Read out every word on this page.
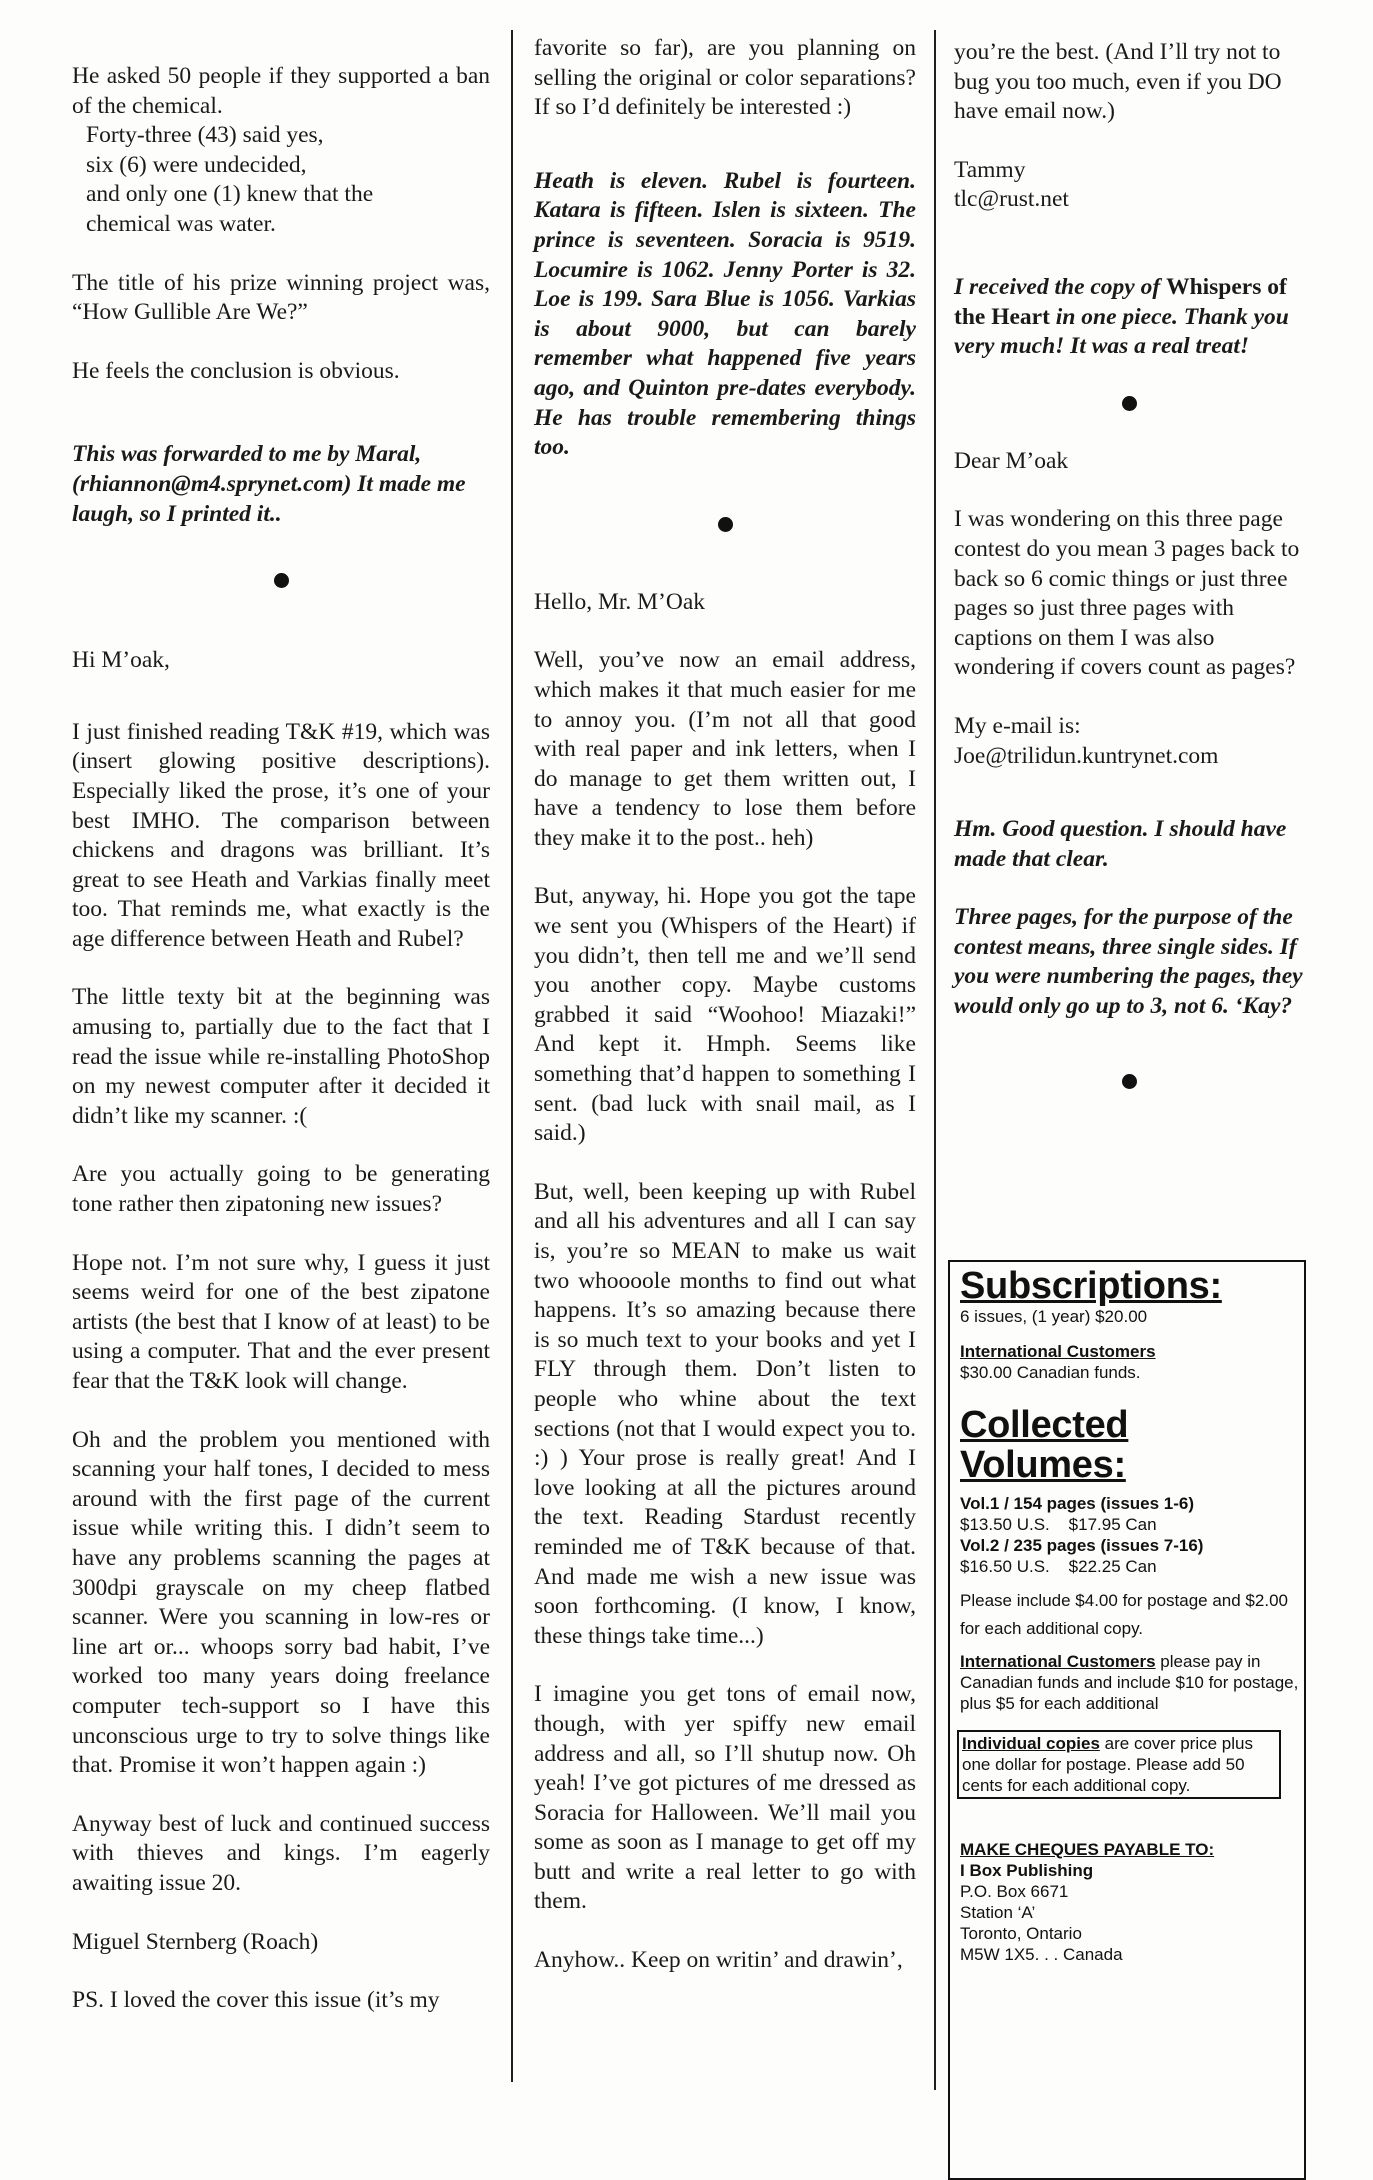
He asked 50 people if they supported a ban of the chemical.

Forty-three (43) said yes,
six (6) were undecided,
and only one (1) knew that the
chemical was water.

The title of his prize winning project was, “How Gullible Are We?”

He feels the conclusion is obvious.

This was forwarded to me by Maral, (rhiannon@m4.sprynet.com) It made me laugh, so I printed it..

Hi M’oak,

I just finished reading T&K #19, which was (insert glowing positive descriptions). Especially liked the prose, it’s one of your best IMHO. The comparison between chickens and dragons was brilliant. It’s great to see Heath and Varkias finally meet too. That reminds me, what exactly is the age difference between Heath and Rubel?

The little texty bit at the beginning was amusing to, partially due to the fact that I read the issue while re-installing PhotoShop on my newest computer after it decided it didn’t like my scanner. :(

Are you actually going to be generating tone rather then zipatoning new issues?

Hope not. I’m not sure why, I guess it just seems weird for one of the best zipatone artists (the best that I know of at least) to be using a computer. That and the ever present fear that the T&K look will change.

Oh and the problem you mentioned with scanning your half tones, I decided to mess around with the first page of the current issue while writing this. I didn’t seem to have any problems scanning the pages at 300dpi grayscale on my cheep flatbed scanner. Were you scanning in low-res or line art or... whoops sorry bad habit, I’ve worked too many years doing freelance computer tech-support so I have this unconscious urge to try to solve things like that. Promise it won’t happen again :)

Anyway best of luck and continued success with thieves and kings. I’m eagerly awaiting issue 20.

Miguel Sternberg (Roach)

PS. I loved the cover this issue (it’s my

favorite so far), are you planning on selling the original or color separations? If so I’d definitely be interested :)

Heath is eleven. Rubel is fourteen. Katara is fifteen. Islen is sixteen. The prince is seventeen. Soracia is 9519. Locumire is 1062. Jenny Porter is 32. Loe is 199. Sara Blue is 1056. Varkias is about 9000, but can barely remember what happened five years ago, and Quinton pre-dates everybody. He has trouble remembering things too.

Hello, Mr. M’Oak

Well, you’ve now an email address, which makes it that much easier for me to annoy you. (I’m not all that good with real paper and ink letters, when I do manage to get them written out, I have a tendency to lose them before they make it to the post.. heh)

But, anyway, hi. Hope you got the tape we sent you (Whispers of the Heart) if you didn’t, then tell me and we’ll send you another copy. Maybe customs grabbed it said “Woohoo! Miazaki!” And kept it. Hmph. Seems like something that’d happen to something I sent. (bad luck with snail mail, as I said.)

But, well, been keeping up with Rubel and all his adventures and all I can say is, you’re so MEAN to make us wait two whoooole months to find out what happens. It’s so amazing because there is so much text to your books and yet I FLY through them. Don’t listen to people who whine about the text sections (not that I would expect you to. :) ) Your prose is really great! And I love looking at all the pictures around the text. Reading Stardust recently reminded me of T&K because of that. And made me wish a new issue was soon forthcoming. (I know, I know, these things take time...)

I imagine you get tons of email now, though, with yer spiffy new email address and all, so I’ll shutup now. Oh yeah! I’ve got pictures of me dressed as Soracia for Halloween. We’ll mail you some as soon as I manage to get off my butt and write a real letter to go with them.

Anyhow.. Keep on writin’ and drawin’,

you’re the best. (And I’ll try not to bug you too much, even if you DO have email now.)

Tammy
tlc@rust.net

I received the copy of Whispers of the Heart in one piece. Thank you very much! It was a real treat!

Dear M’oak

I was wondering on this three page contest do you mean 3 pages back to back so 6 comic things or just three pages so just three pages with captions on them I was also wondering if covers count as pages?

My e-mail is:
Joe@trilidun.kuntrynet.com

Hm. Good question. I should have made that clear.

Three pages, for the purpose of the contest means, three single sides. If you were numbering the pages, they would only go up to 3, not 6. ‘Kay?

Subscriptions:
6 issues, (1 year) $20.00
International Customers
$30.00 Canadian funds.
Collected Volumes:
Vol.1 / 154 pages (issues 1-6)
$13.50 U.S.    $17.95 Can
Vol.2 / 235 pages (issues 7-16)
$16.50 U.S.    $22.25 Can
Please include $4.00 for postage and $2.00 for each additional copy.
International Customers please pay in Canadian funds and include $10 for postage, plus $5 for each additional
Individual copies are cover price plus one dollar for postage. Please add 50 cents for each additional copy.
MAKE CHEQUES PAYABLE TO:
I Box Publishing
P.O. Box 6671
Station ‘A’
Toronto, Ontario
M5W 1X5. . . Canada
